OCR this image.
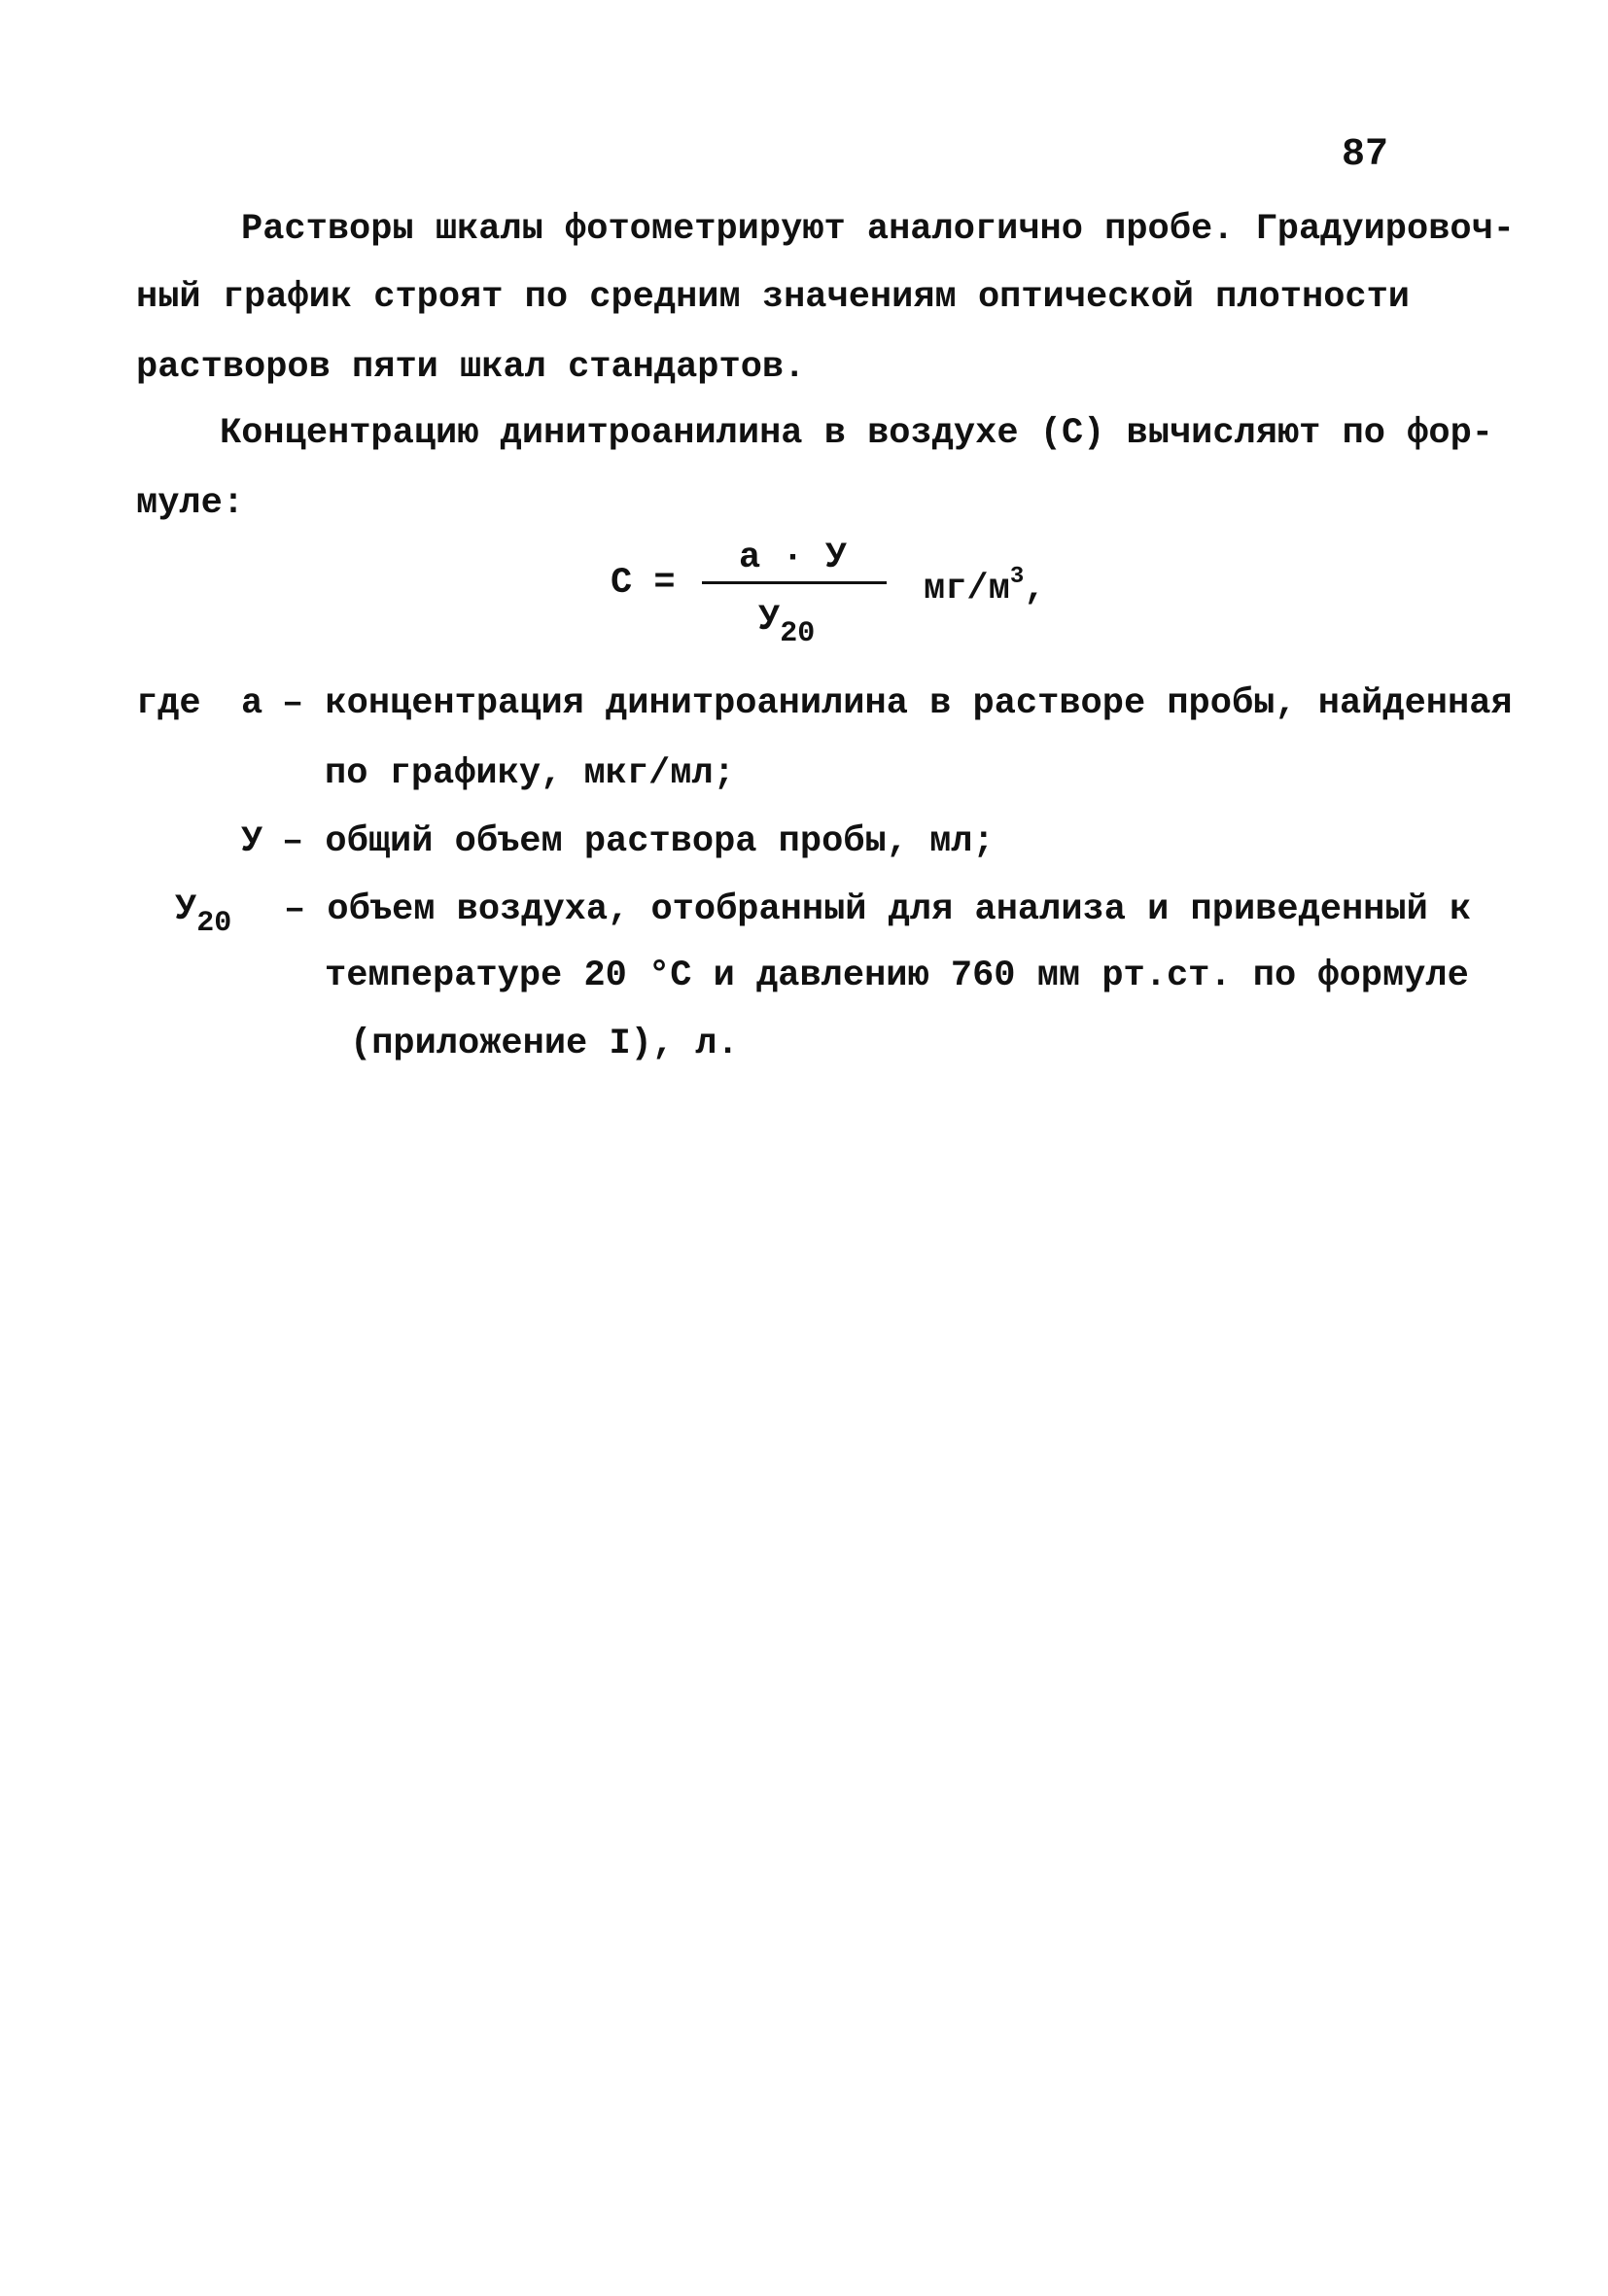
87
Растворы шкалы фотометрируют аналогично пробе. Градуировоч-
ный график строят по средним значениям оптической плотности
растворов пяти шкал стандартов.
Концентрацию динитроанилина в воздухе (С) вычисляют по фор-
муле:
С =
а · У
$У_{20}$
$мг/м^3$,
где а – концентрация динитроанилина в растворе пробы, найденная
по графику, мкг/мл;
У – общий объем раствора пробы, мл;
$У_{20}$ – объем воздуха, отобранный для анализа и приведенный к
температуре 20 °С и давлению 760 мм рт.ст. по формуле
(приложение I), л.
